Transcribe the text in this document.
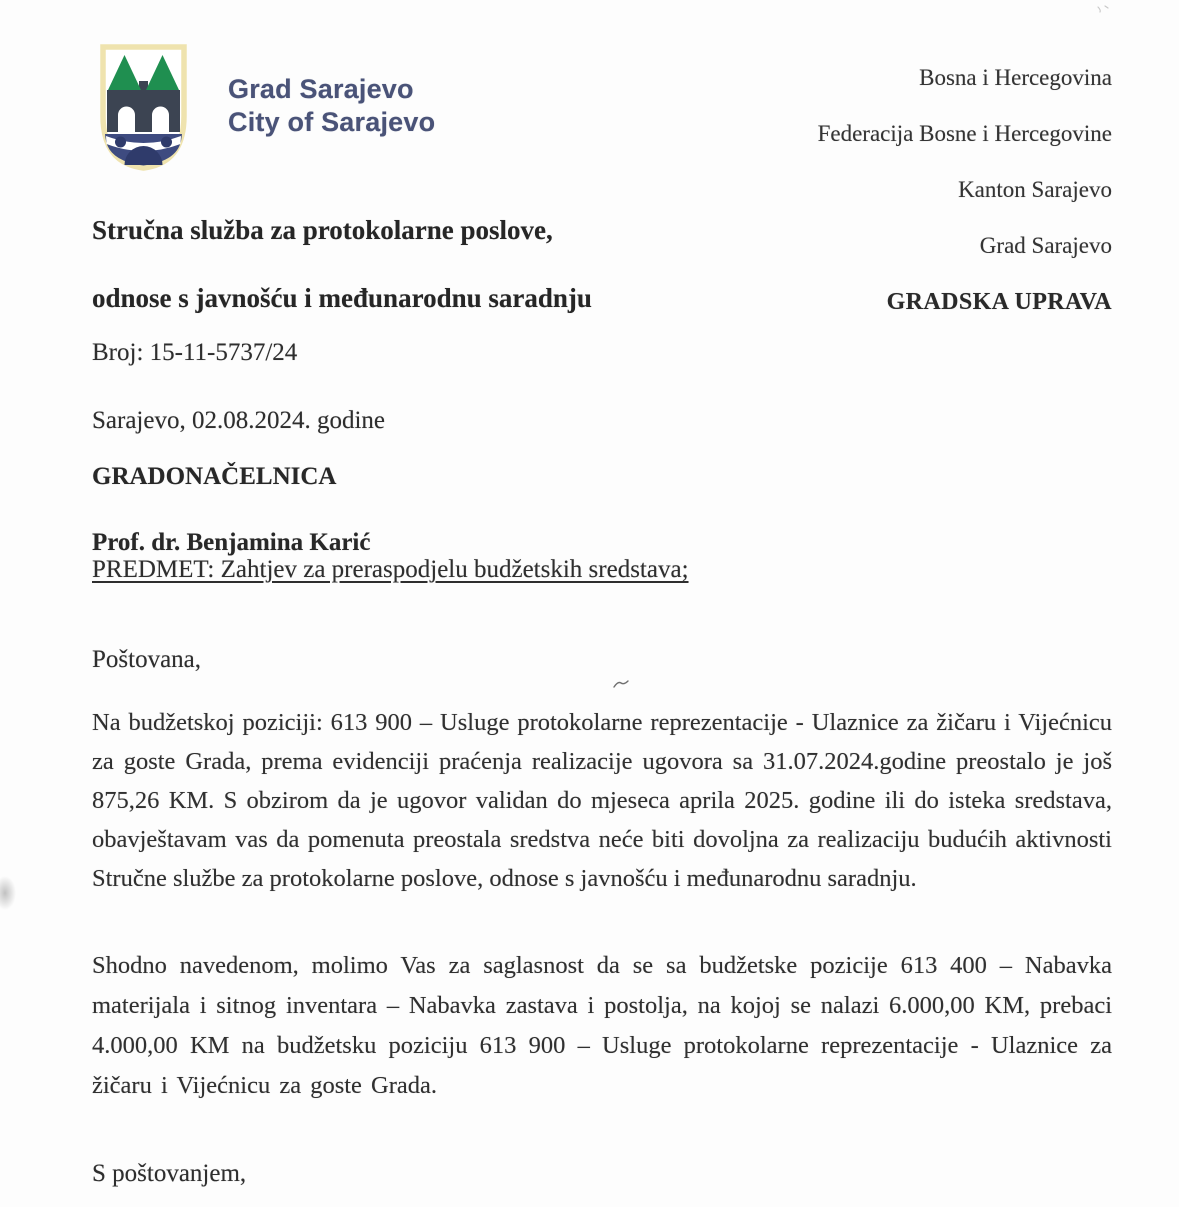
Grad Sarajevo
City of Sarajevo

Bosna i Hercegovina

Federacija Bosne i Hercegovine

Kanton Sarajevo

Grad Sarajevo

GRADSKA UPRAVA

Stručna služba za protokolarne poslove,

odnose s javnošću i međunarodnu saradnju

Broj: 15-11-5737/24

Sarajevo, 02.08.2024. godine

GRADONAČELNICA

Prof. dr. Benjamina Karić

PREDMET: Zahtjev za preraspodjelu budžetskih sredstava;
Poštovana,
Na budžetskoj poziciji: 613 900 – Usluge protokolarne reprezentacije - Ulaznice za žičaru i Vijećnicu za goste Grada, prema evidenciji praćenja realizacije ugovora sa 31.07.2024.godine preostalo je još 875,26 KM. S obzirom da je ugovor validan do mjeseca aprila 2025. godine ili do isteka sredstava, obavještavam vas da pomenuta preostala sredstva neće biti dovoljna za realizaciju budućih aktivnosti Stručne službe za protokolarne poslove, odnose s javnošću i međunarodnu saradnju.
Shodno navedenom, molimo Vas za saglasnost da se sa budžetske pozicije 613 400 – Nabavka materijala i sitnog inventara – Nabavka zastava i postolja, na kojoj se nalazi 6.000,00 KM, prebaci 4.000,00 KM na budžetsku poziciju 613 900 – Usluge protokolarne reprezentacije - Ulaznice za žičaru i Vijećnicu za goste Grada.
S poštovanjem,
